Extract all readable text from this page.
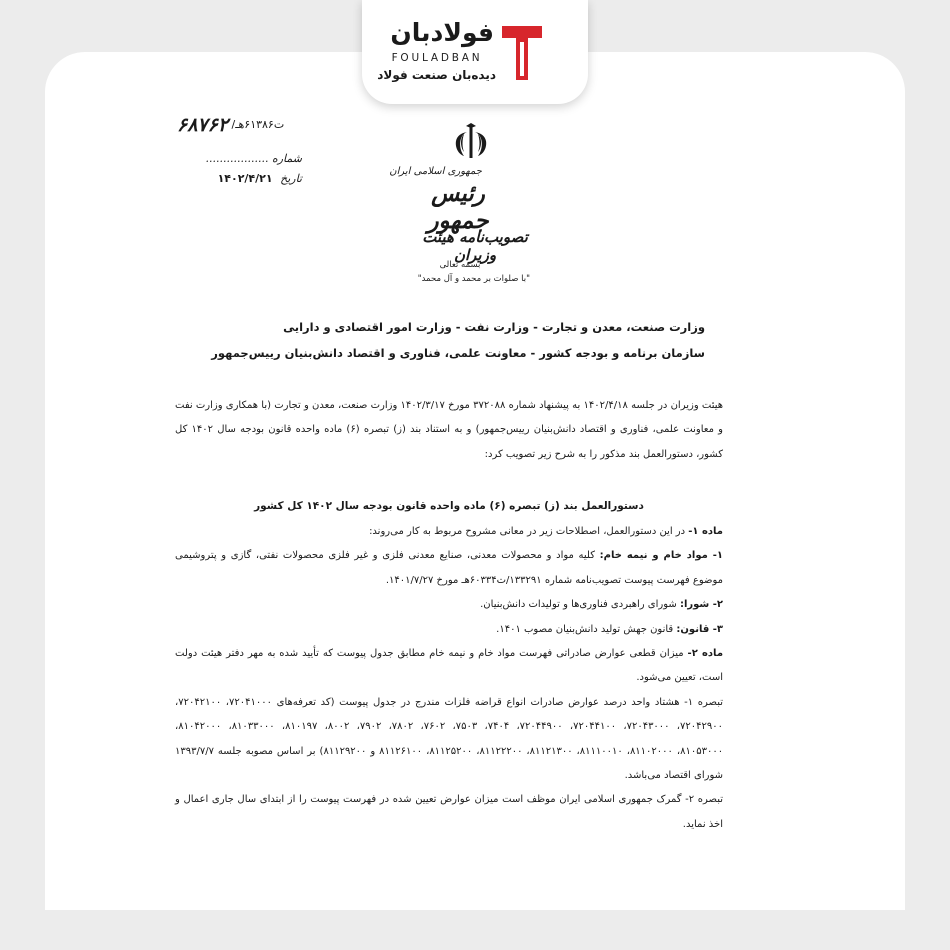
فولادبان
FOULADBAN
دیده‌بان صنعت فولاد
۶۸۷۶۲ /ت۶۱۳۸۶هـ
شماره ..................
تاریخ ۱۴۰۲/۴/۲۱
جمهوری اسلامی ایران
رئیس جمهور
تصویب‌نامه هیئت وزیران
بسمه تعالی
"با صلوات بر محمد و آل محمد"
وزارت صنعت، معدن و تجارت - وزارت نفت - وزارت امور اقتصادی و دارایی
سازمان برنامه و بودجه کشور - معاونت علمی، فناوری و اقتصاد دانش‌بنیان رییس‌جمهور

هیئت وزیران در جلسه ۱۴۰۲/۴/۱۸ به پیشنهاد شماره ۳۷۲۰۸۸ مورخ ۱۴۰۲/۳/۱۷ وزارت صنعت، معدن و تجارت (با همکاری وزارت نفت و معاونت علمی، فناوری و اقتصاد دانش‌بنیان رییس‌جمهور) و به استناد بند (ز) تبصره (۶) ماده واحده قانون بودجه سال ۱۴۰۲ کل کشور، دستورالعمل بند مذکور را به شرح زیر تصویب کرد:

دستورالعمل بند (ز) تبصره (۶) ماده واحده قانون بودجه سال ۱۴۰۲ کل کشور

ماده ۱- در این دستورالعمل، اصطلاحات زیر در معانی مشروح مربوط به کار می‌روند:

۱- مواد خام و نیمه خام: کلیه مواد و محصولات معدنی، صنایع معدنی فلزی و غیر فلزی محصولات نفتی، گازی و پتروشیمی موضوع فهرست پیوست تصویب‌نامه شماره ۱۳۳۲۹۱/ت۶۰۳۳۴هـ مورخ ۱۴۰۱/۷/۲۷.

۲- شورا: شورای راهبردی فناوری‌ها و تولیدات دانش‌بنیان.

۳- قانون: قانون جهش تولید دانش‌بنیان مصوب ۱۴۰۱.

ماده ۲- میزان قطعی عوارض صادراتی فهرست مواد خام و نیمه خام مطابق جدول پیوست که تأیید شده به مهر دفتر هیئت دولت است، تعیین می‌شود.

تبصره ۱- هشتاد واحد درصد عوارض صادرات انواع قراضه فلزات مندرج در جدول پیوست (کد تعرفه‌های ۷۲۰۴۱۰۰۰، ۷۲۰۴۲۱۰۰، ۷۲۰۴۲۹۰۰، ۷۲۰۴۳۰۰۰، ۷۲۰۴۴۱۰۰، ۷۲۰۴۴۹۰۰، ۷۴۰۴، ۷۵۰۳، ۷۶۰۲، ۷۸۰۲، ۷۹۰۲، ۸۰۰۲، ۸۱۰۱۹۷، ۸۱۰۳۳۰۰۰، ۸۱۰۴۲۰۰۰، ۸۱۰۵۳۰۰۰، ۸۱۱۰۲۰۰۰، ۸۱۱۱۰۰۱۰، ۸۱۱۲۱۳۰۰، ۸۱۱۲۲۲۰۰، ۸۱۱۲۵۲۰۰، ۸۱۱۲۶۱۰۰ و ۸۱۱۲۹۲۰۰) بر اساس مصوبه جلسه ۱۳۹۳/۷/۷ شورای اقتصاد می‌باشد.

تبصره ۲- گمرک جمهوری اسلامی ایران موظف است میزان عوارض تعیین شده در فهرست پیوست را از ابتدای سال جاری اعمال و اخذ نماید.
